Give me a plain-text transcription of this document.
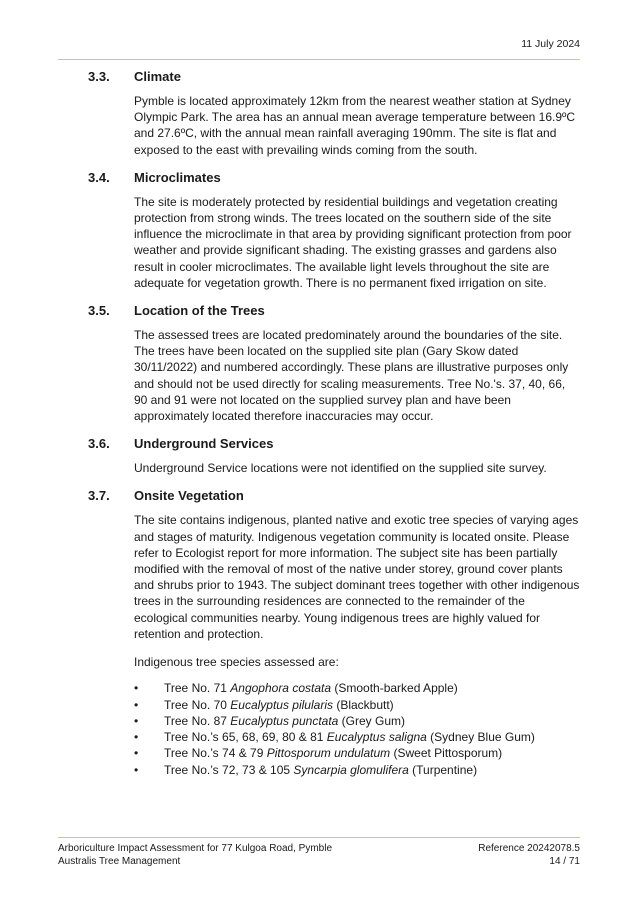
11 July 2024
3.3.	Climate

Pymble is located approximately 12km from the nearest weather station at Sydney Olympic Park. The area has an annual mean average temperature between 16.9ºC and 27.6ºC, with the annual mean rainfall averaging 190mm. The site is flat and exposed to the east with prevailing winds coming from the south.

3.4.	Microclimates

The site is moderately protected by residential buildings and vegetation creating protection from strong winds. The trees located on the southern side of the site influence the microclimate in that area by providing significant protection from poor weather and provide significant shading. The existing grasses and gardens also result in cooler microclimates. The available light levels throughout the site are adequate for vegetation growth. There is no permanent fixed irrigation on site.

3.5.	Location of the Trees

The assessed trees are located predominately around the boundaries of the site. The trees have been located on the supplied site plan (Gary Skow dated 30/11/2022) and numbered accordingly. These plans are illustrative purposes only and should not be used directly for scaling measurements. Tree No.'s. 37, 40, 66, 90 and 91 were not located on the supplied survey plan and have been approximately located therefore inaccuracies may occur.

3.6.	Underground Services

Underground Service locations were not identified on the supplied site survey.

3.7.	Onsite Vegetation

The site contains indigenous, planted native and exotic tree species of varying ages and stages of maturity. Indigenous vegetation community is located onsite. Please refer to Ecologist report for more information. The subject site has been partially modified with the removal of most of the native under storey, ground cover plants and shrubs prior to 1943. The subject dominant trees together with other indigenous trees in the surrounding residences are connected to the remainder of the ecological communities nearby. Young indigenous trees are highly valued for retention and protection.

Indigenous tree species assessed are:

• Tree No. 71 Angophora costata (Smooth-barked Apple)
• Tree No. 70 Eucalyptus pilularis (Blackbutt)
• Tree No. 87 Eucalyptus punctata (Grey Gum)
• Tree No.’s 65, 68, 69, 80 & 81 Eucalyptus saligna (Sydney Blue Gum)
• Tree No.’s 74 & 79 Pittosporum undulatum (Sweet Pittosporum)
• Tree No.’s 72, 73 & 105 Syncarpia glomulifera (Turpentine)
Arboriculture Impact Assessment for 77 Kulgoa Road, Pymble
Australis Tree Management
Reference 20242078.5
14 / 71
